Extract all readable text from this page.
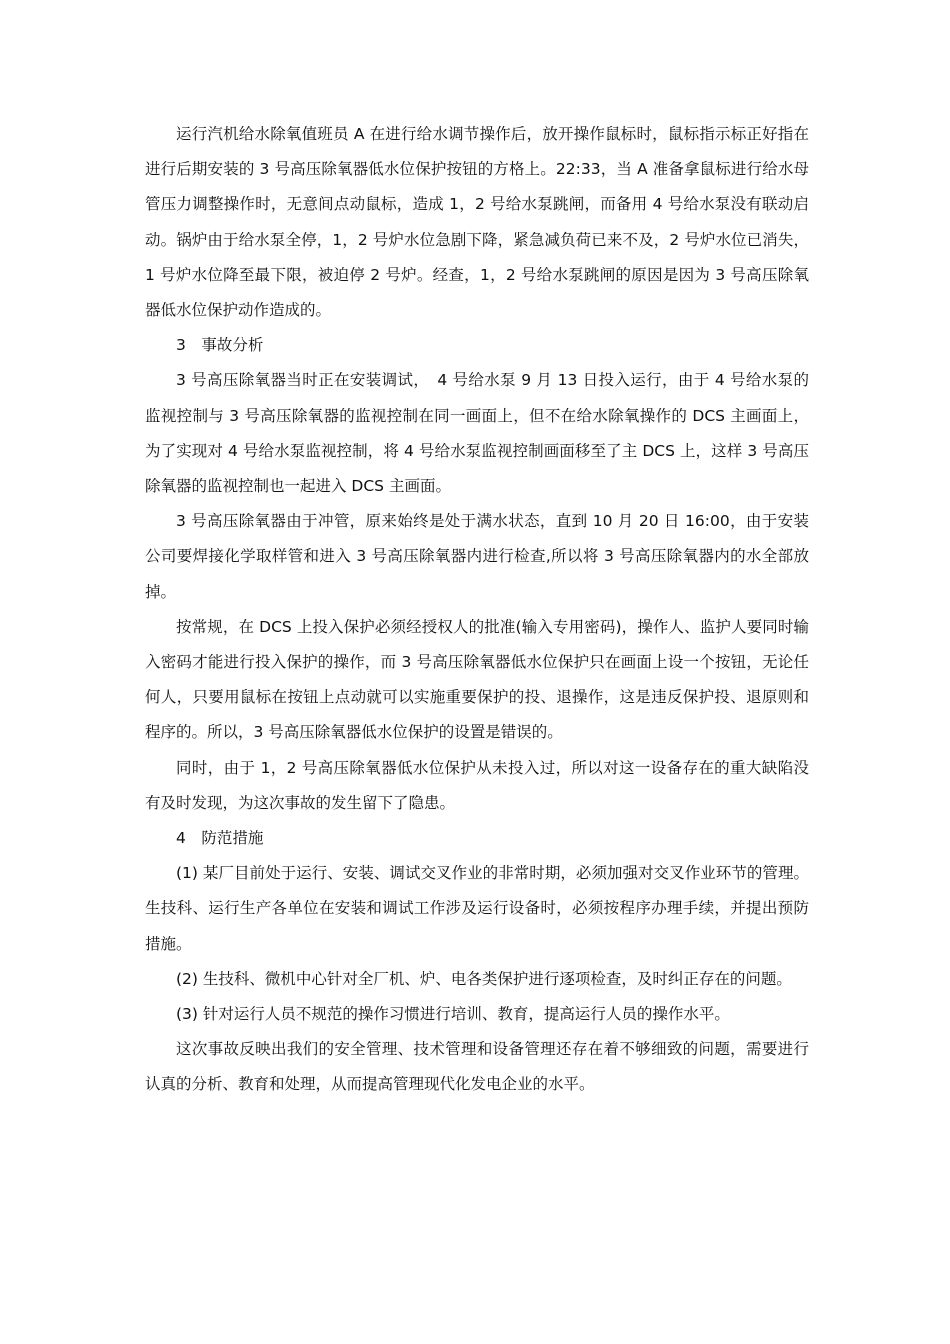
运行汽机给水除氧值班员 A 在进行给水调节操作后，放开操作鼠标时，鼠标指示标正好指在进行后期安装的 3 号高压除氧器低水位保护按钮的方格上。22:33，当 A 准备拿鼠标进行给水母管压力调整操作时，无意间点动鼠标，造成 1，2 号给水泵跳闸，而备用 4 号给水泵没有联动启动。锅炉由于给水泵全停，1，2 号炉水位急剧下降，紧急减负荷已来不及，2 号炉水位已消失，1 号炉水位降至最下限，被迫停 2 号炉。经查，1，2 号给水泵跳闸的原因是因为 3 号高压除氧器低水位保护动作造成的。

3　事故分析

3 号高压除氧器当时正在安装调试，　4 号给水泵 9 月 13 日投入运行，由于 4 号给水泵的监视控制与 3 号高压除氧器的监视控制在同一画面上，但不在给水除氧操作的 DCS 主画面上，为了实现对 4 号给水泵监视控制，将 4 号给水泵监视控制画面移至了主 DCS 上，这样 3 号高压除氧器的监视控制也一起进入 DCS 主画面。

3 号高压除氧器由于冲管，原来始终是处于满水状态，直到 10 月 20 日 16:00，由于安装公司要焊接化学取样管和进入 3 号高压除氧器内进行检查,所以将 3 号高压除氧器内的水全部放掉。

按常规，在 DCS 上投入保护必须经授权人的批准(输入专用密码)，操作人、监护人要同时输入密码才能进行投入保护的操作，而 3 号高压除氧器低水位保护只在画面上设一个按钮，无论任何人，只要用鼠标在按钮上点动就可以实施重要保护的投、退操作，这是违反保护投、退原则和程序的。所以，3 号高压除氧器低水位保护的设置是错误的。

同时，由于 1，2 号高压除氧器低水位保护从未投入过，所以对这一设备存在的重大缺陷没有及时发现，为这次事故的发生留下了隐患。

4　防范措施

(1) 某厂目前处于运行、安装、调试交叉作业的非常时期，必须加强对交叉作业环节的管理。生技科、运行生产各单位在安装和调试工作涉及运行设备时，必须按程序办理手续，并提出预防措施。

(2) 生技科、微机中心针对全厂机、炉、电各类保护进行逐项检查，及时纠正存在的问题。

(3) 针对运行人员不规范的操作习惯进行培训、教育，提高运行人员的操作水平。

这次事故反映出我们的安全管理、技术管理和设备管理还存在着不够细致的问题，需要进行认真的分析、教育和处理，从而提高管理现代化发电企业的水平。
